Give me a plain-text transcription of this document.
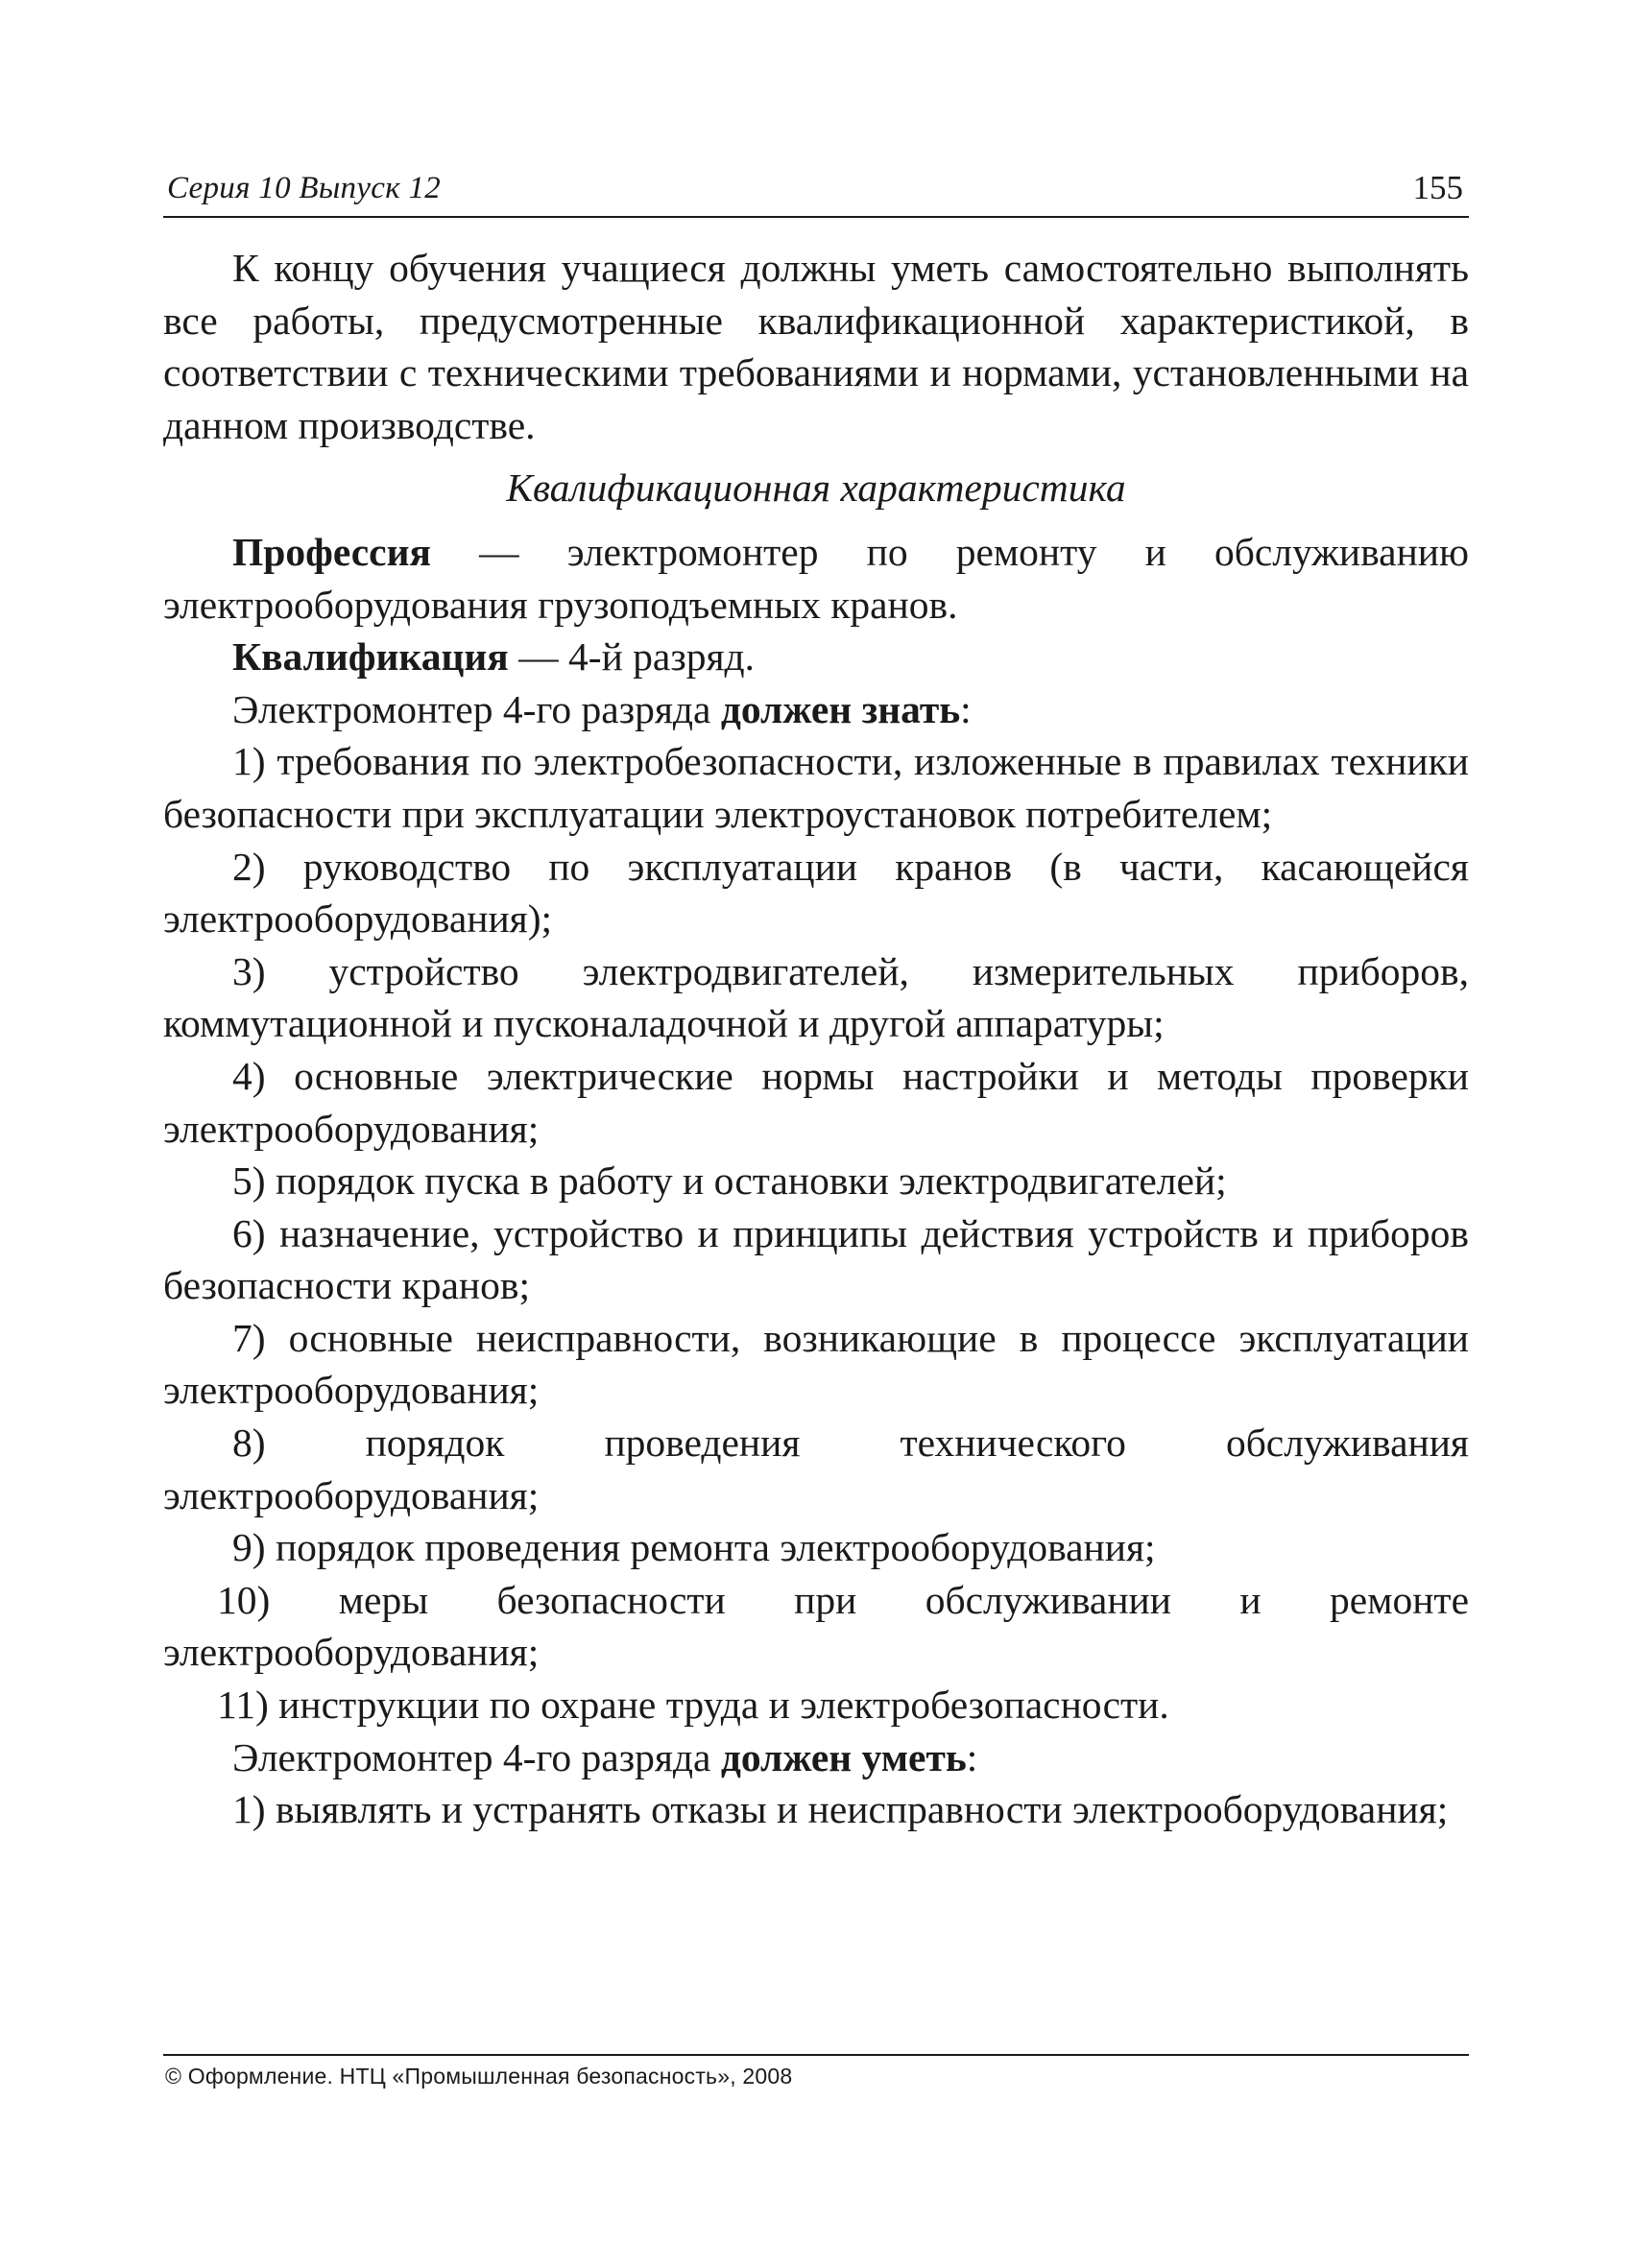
Серия 10 Выпуск 12	155

К концу обучения учащиеся должны уметь самостоятельно выполнять все работы, предусмотренные квалификационной характеристикой, в соответствии с техническими требованиями и нормами, установленными на данном производстве.

Квалификационная характеристика

Профессия — электромонтер по ремонту и обслуживанию электрооборудования грузоподъемных кранов.

Квалификация — 4-й разряд.

Электромонтер 4-го разряда должен знать:

1) требования по электробезопасности, изложенные в правилах техники безопасности при эксплуатации электроустановок потребителем;

2) руководство по эксплуатации кранов (в части, касающейся электрооборудования);

3) устройство электродвигателей, измерительных приборов, коммутационной и пусконаладочной и другой аппаратуры;

4) основные электрические нормы настройки и методы проверки электрооборудования;

5) порядок пуска в работу и остановки электродвигателей;

6) назначение, устройство и принципы действия устройств и приборов безопасности кранов;

7) основные неисправности, возникающие в процессе эксплуатации электрооборудования;

8) порядок проведения технического обслуживания электрооборудования;

9) порядок проведения ремонта электрооборудования;

10) меры безопасности при обслуживании и ремонте электрооборудования;

11) инструкции по охране труда и электробезопасности.

Электромонтер 4-го разряда должен уметь:

1) выявлять и устранять отказы и неисправности электрооборудования;

© Оформление. НТЦ «Промышленная безопасность», 2008
